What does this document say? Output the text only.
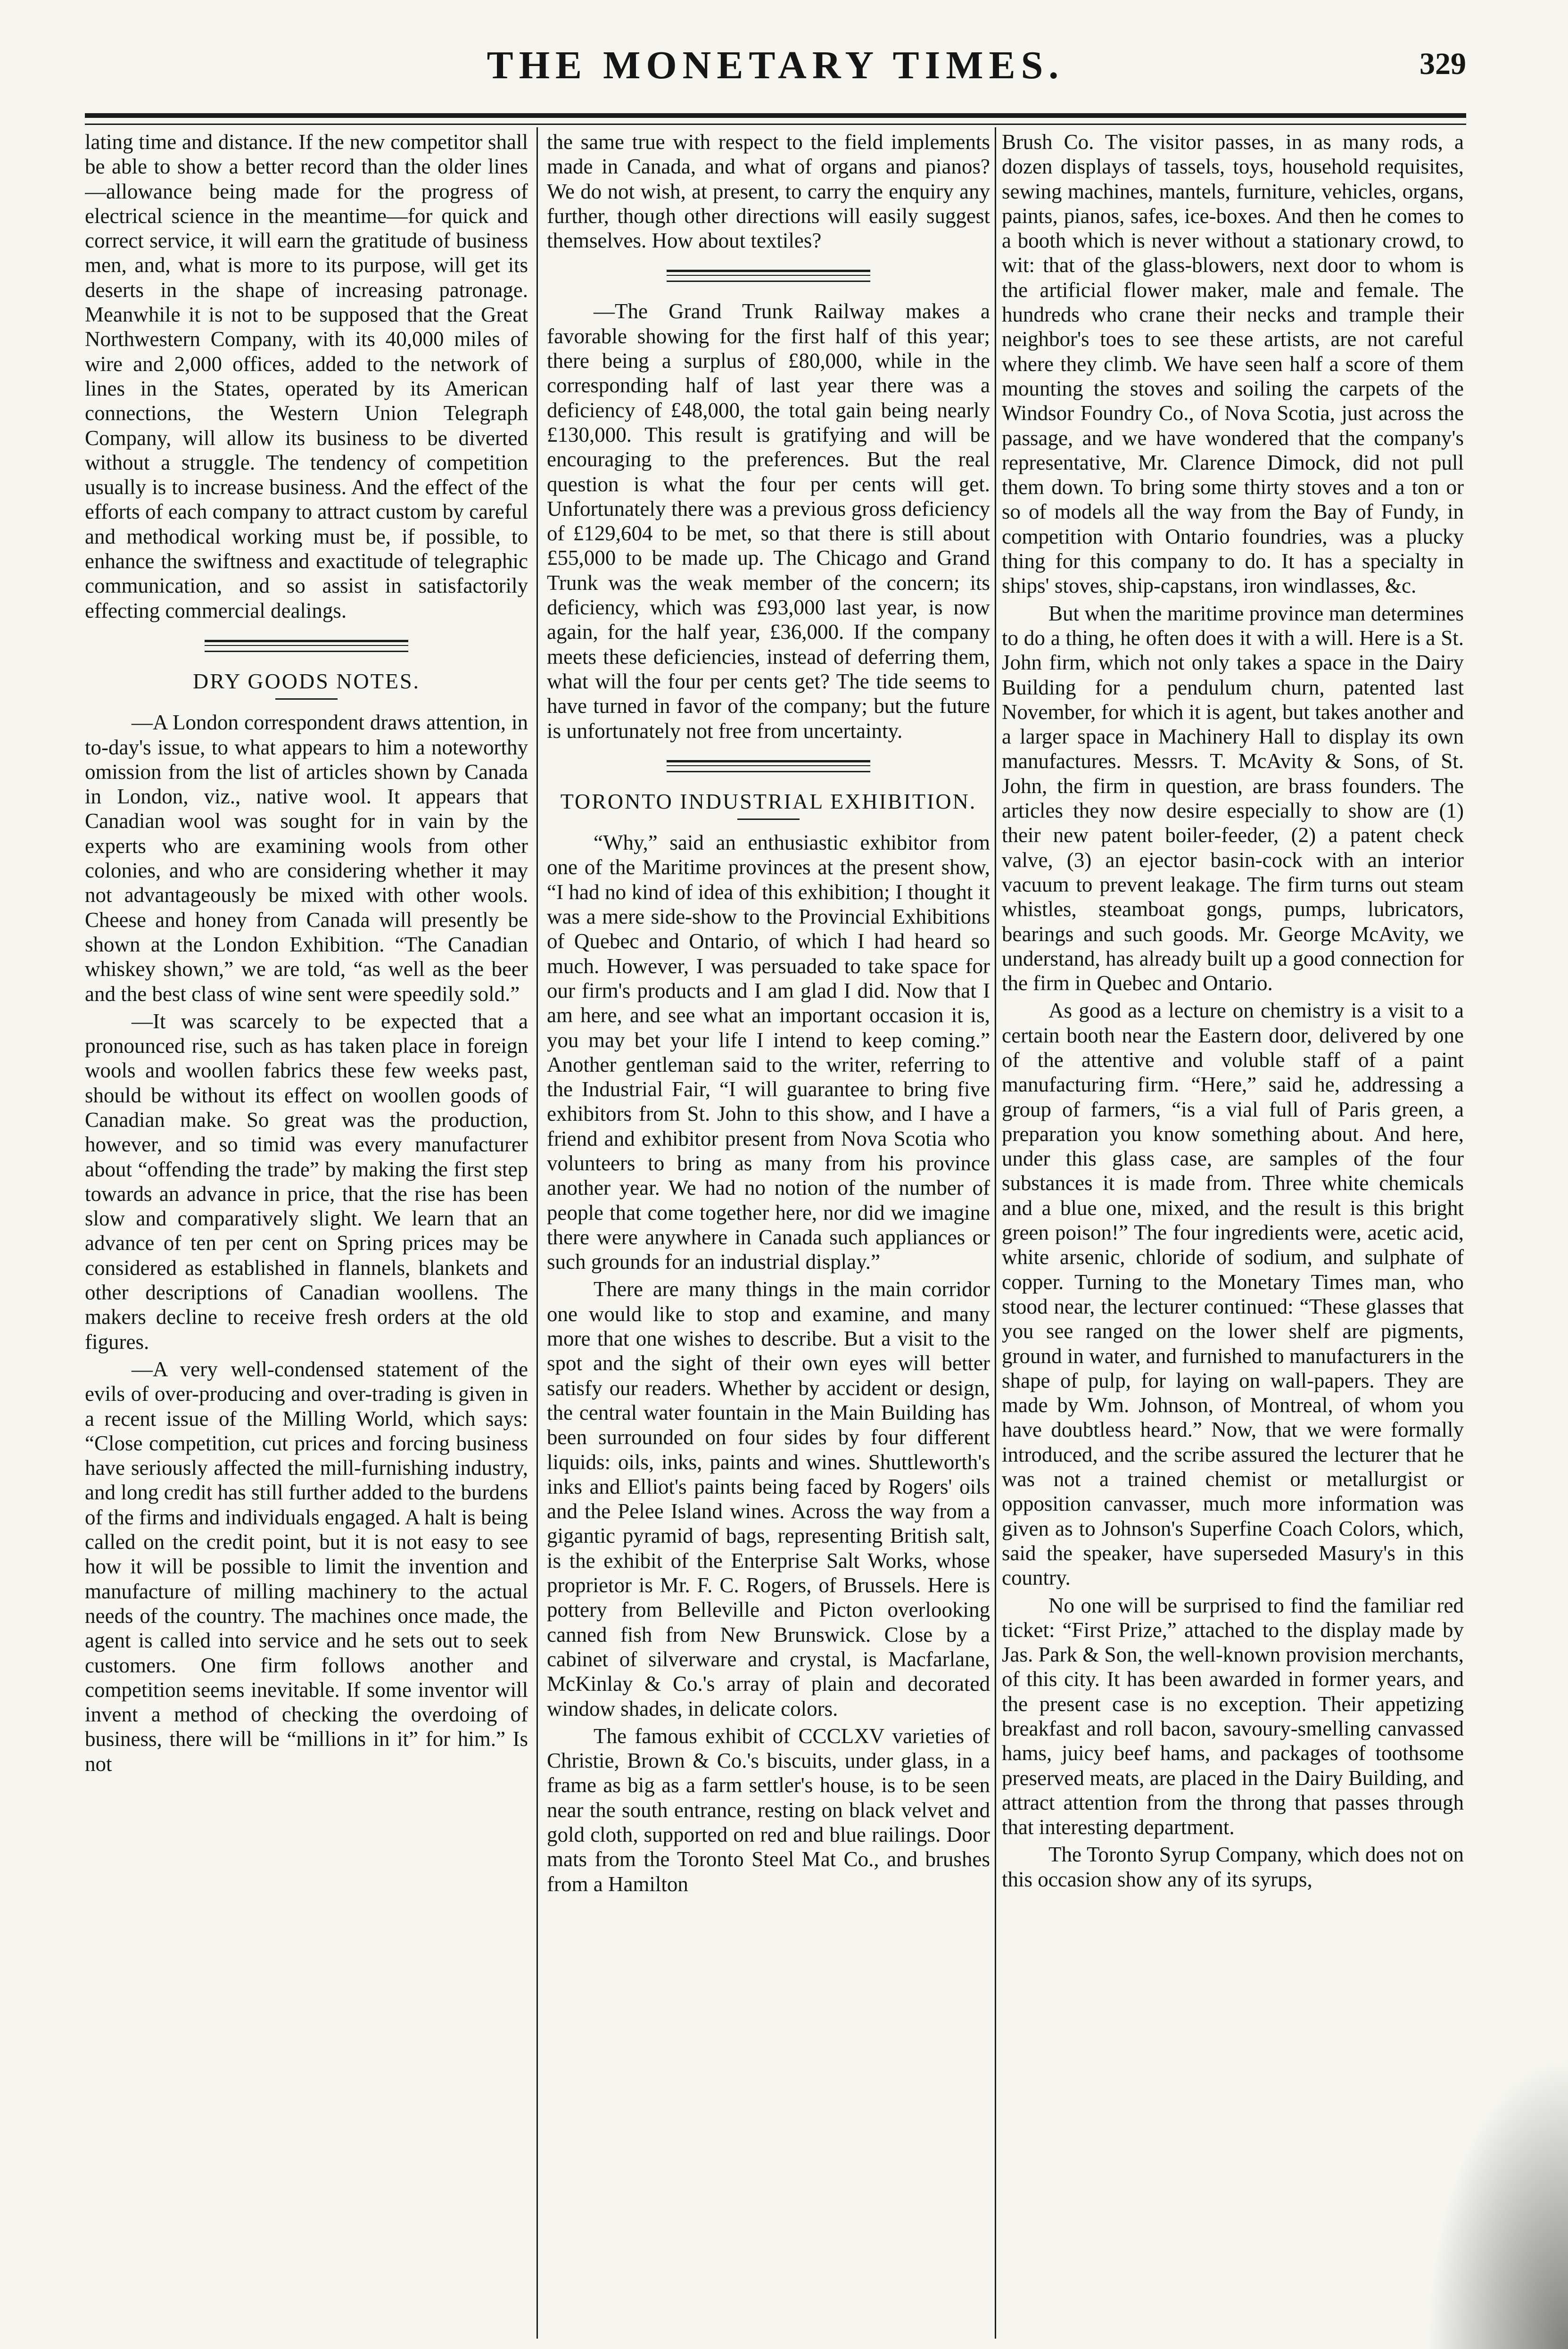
THE MONETARY TIMES.	329

lating time and distance. If the new competitor shall be able to show a better record than the older lines—allowance being made for the progress of electrical science in the meantime—for quick and correct service, it will earn the gratitude of business men, and, what is more to its purpose, will get its deserts in the shape of increasing patronage. Meanwhile it is not to be supposed that the Great Northwestern Company, with its 40,000 miles of wire and 2,000 offices, added to the network of lines in the States, operated by its American connections, the Western Union Telegraph Company, will allow its business to be diverted without a struggle. The tendency of competition usually is to increase business. And the effect of the efforts of each company to attract custom by careful and methodical working must be, if possible, to enhance the swiftness and exactitude of telegraphic communication, and so assist in satisfactorily effecting commercial dealings.

DRY GOODS NOTES.

—A London correspondent draws attention, in to-day's issue, to what appears to him a noteworthy omission from the list of articles shown by Canada in London, viz., native wool. It appears that Canadian wool was sought for in vain by the experts who are examining wools from other colonies, and who are considering whether it may not advantageously be mixed with other wools. Cheese and honey from Canada will presently be shown at the London Exhibition. “The Canadian whiskey shown,” we are told, “as well as the beer and the best class of wine sent were speedily sold.”

—It was scarcely to be expected that a pronounced rise, such as has taken place in foreign wools and woollen fabrics these few weeks past, should be without its effect on woollen goods of Canadian make. So great was the production, however, and so timid was every manufacturer about “offending the trade” by making the first step towards an advance in price, that the rise has been slow and comparatively slight. We learn that an advance of ten per cent on Spring prices may be considered as established in flannels, blankets and other descriptions of Canadian woollens. The makers decline to receive fresh orders at the old figures.

—A very well-condensed statement of the evils of over-producing and over-trading is given in a recent issue of the Milling World, which says: “Close competition, cut prices and forcing business have seriously affected the mill-furnishing industry, and long credit has still further added to the burdens of the firms and individuals engaged. A halt is being called on the credit point, but it is not easy to see how it will be possible to limit the invention and manufacture of milling machinery to the actual needs of the country. The machines once made, the agent is called into service and he sets out to seek customers. One firm follows another and competition seems inevitable. If some inventor will invent a method of checking the overdoing of business, there will be “millions in it” for him.” Is not

the same true with respect to the field implements made in Canada, and what of organs and pianos? We do not wish, at present, to carry the enquiry any further, though other directions will easily suggest themselves. How about textiles?

—The Grand Trunk Railway makes a favorable showing for the first half of this year; there being a surplus of £80,000, while in the corresponding half of last year there was a deficiency of £48,000, the total gain being nearly £130,000. This result is gratifying and will be encouraging to the preferences. But the real question is what the four per cents will get. Unfortunately there was a previous gross deficiency of £129,604 to be met, so that there is still about £55,000 to be made up. The Chicago and Grand Trunk was the weak member of the concern; its deficiency, which was £93,000 last year, is now again, for the half year, £36,000. If the company meets these deficiencies, instead of deferring them, what will the four per cents get? The tide seems to have turned in favor of the company; but the future is unfortunately not free from uncertainty.

TORONTO INDUSTRIAL EXHIBITION.

“Why,” said an enthusiastic exhibitor from one of the Maritime provinces at the present show, “I had no kind of idea of this exhibition; I thought it was a mere side-show to the Provincial Exhibitions of Quebec and Ontario, of which I had heard so much. However, I was persuaded to take space for our firm's products and I am glad I did. Now that I am here, and see what an important occasion it is, you may bet your life I intend to keep coming.” Another gentleman said to the writer, referring to the Industrial Fair, “I will guarantee to bring five exhibitors from St. John to this show, and I have a friend and exhibitor present from Nova Scotia who volunteers to bring as many from his province another year. We had no notion of the number of people that come together here, nor did we imagine there were anywhere in Canada such appliances or such grounds for an industrial display.”

There are many things in the main corridor one would like to stop and examine, and many more that one wishes to describe. But a visit to the spot and the sight of their own eyes will better satisfy our readers. Whether by accident or design, the central water fountain in the Main Building has been surrounded on four sides by four different liquids: oils, inks, paints and wines. Shuttleworth's inks and Elliot's paints being faced by Rogers' oils and the Pelee Island wines. Across the way from a gigantic pyramid of bags, representing British salt, is the exhibit of the Enterprise Salt Works, whose proprietor is Mr. F. C. Rogers, of Brussels. Here is pottery from Belleville and Picton overlooking canned fish from New Brunswick. Close by a cabinet of silverware and crystal, is Macfarlane, McKinlay & Co.'s array of plain and decorated window shades, in delicate colors.

The famous exhibit of CCCLXV varieties of Christie, Brown & Co.'s biscuits, under glass, in a frame as big as a farm settler's house, is to be seen near the south entrance, resting on black velvet and gold cloth, supported on red and blue railings. Door mats from the Toronto Steel Mat Co., and brushes from a Hamilton

Brush Co. The visitor passes, in as many rods, a dozen displays of tassels, toys, household requisites, sewing machines, mantels, furniture, vehicles, organs, paints, pianos, safes, ice-boxes. And then he comes to a booth which is never without a stationary crowd, to wit: that of the glass-blowers, next door to whom is the artificial flower maker, male and female. The hundreds who crane their necks and trample their neighbor's toes to see these artists, are not careful where they climb. We have seen half a score of them mounting the stoves and soiling the carpets of the Windsor Foundry Co., of Nova Scotia, just across the passage, and we have wondered that the company's representative, Mr. Clarence Dimock, did not pull them down. To bring some thirty stoves and a ton or so of models all the way from the Bay of Fundy, in competition with Ontario foundries, was a plucky thing for this company to do. It has a specialty in ships' stoves, ship-capstans, iron windlasses, &c.

But when the maritime province man determines to do a thing, he often does it with a will. Here is a St. John firm, which not only takes a space in the Dairy Building for a pendulum churn, patented last November, for which it is agent, but takes another and a larger space in Machinery Hall to display its own manufactures. Messrs. T. McAvity & Sons, of St. John, the firm in question, are brass founders. The articles they now desire especially to show are (1) their new patent boiler-feeder, (2) a patent check valve, (3) an ejector basin-cock with an interior vacuum to prevent leakage. The firm turns out steam whistles, steamboat gongs, pumps, lubricators, bearings and such goods. Mr. George McAvity, we understand, has already built up a good connection for the firm in Quebec and Ontario.

As good as a lecture on chemistry is a visit to a certain booth near the Eastern door, delivered by one of the attentive and voluble staff of a paint manufacturing firm. “Here,” said he, addressing a group of farmers, “is a vial full of Paris green, a preparation you know something about. And here, under this glass case, are samples of the four substances it is made from. Three white chemicals and a blue one, mixed, and the result is this bright green poison!” The four ingredients were, acetic acid, white arsenic, chloride of sodium, and sulphate of copper. Turning to the Monetary Times man, who stood near, the lecturer continued: “These glasses that you see ranged on the lower shelf are pigments, ground in water, and furnished to manufacturers in the shape of pulp, for laying on wall-papers. They are made by Wm. Johnson, of Montreal, of whom you have doubtless heard.” Now, that we were formally introduced, and the scribe assured the lecturer that he was not a trained chemist or metallurgist or opposition canvasser, much more information was given as to Johnson's Superfine Coach Colors, which, said the speaker, have superseded Masury's in this country.

No one will be surprised to find the familiar red ticket: “First Prize,” attached to the display made by Jas. Park & Son, the well-known provision merchants, of this city. It has been awarded in former years, and the present case is no exception. Their appetizing breakfast and roll bacon, savoury-smelling canvassed hams, juicy beef hams, and packages of toothsome preserved meats, are placed in the Dairy Building, and attract attention from the throng that passes through that interesting department.

The Toronto Syrup Company, which does not on this occasion show any of its syrups,
